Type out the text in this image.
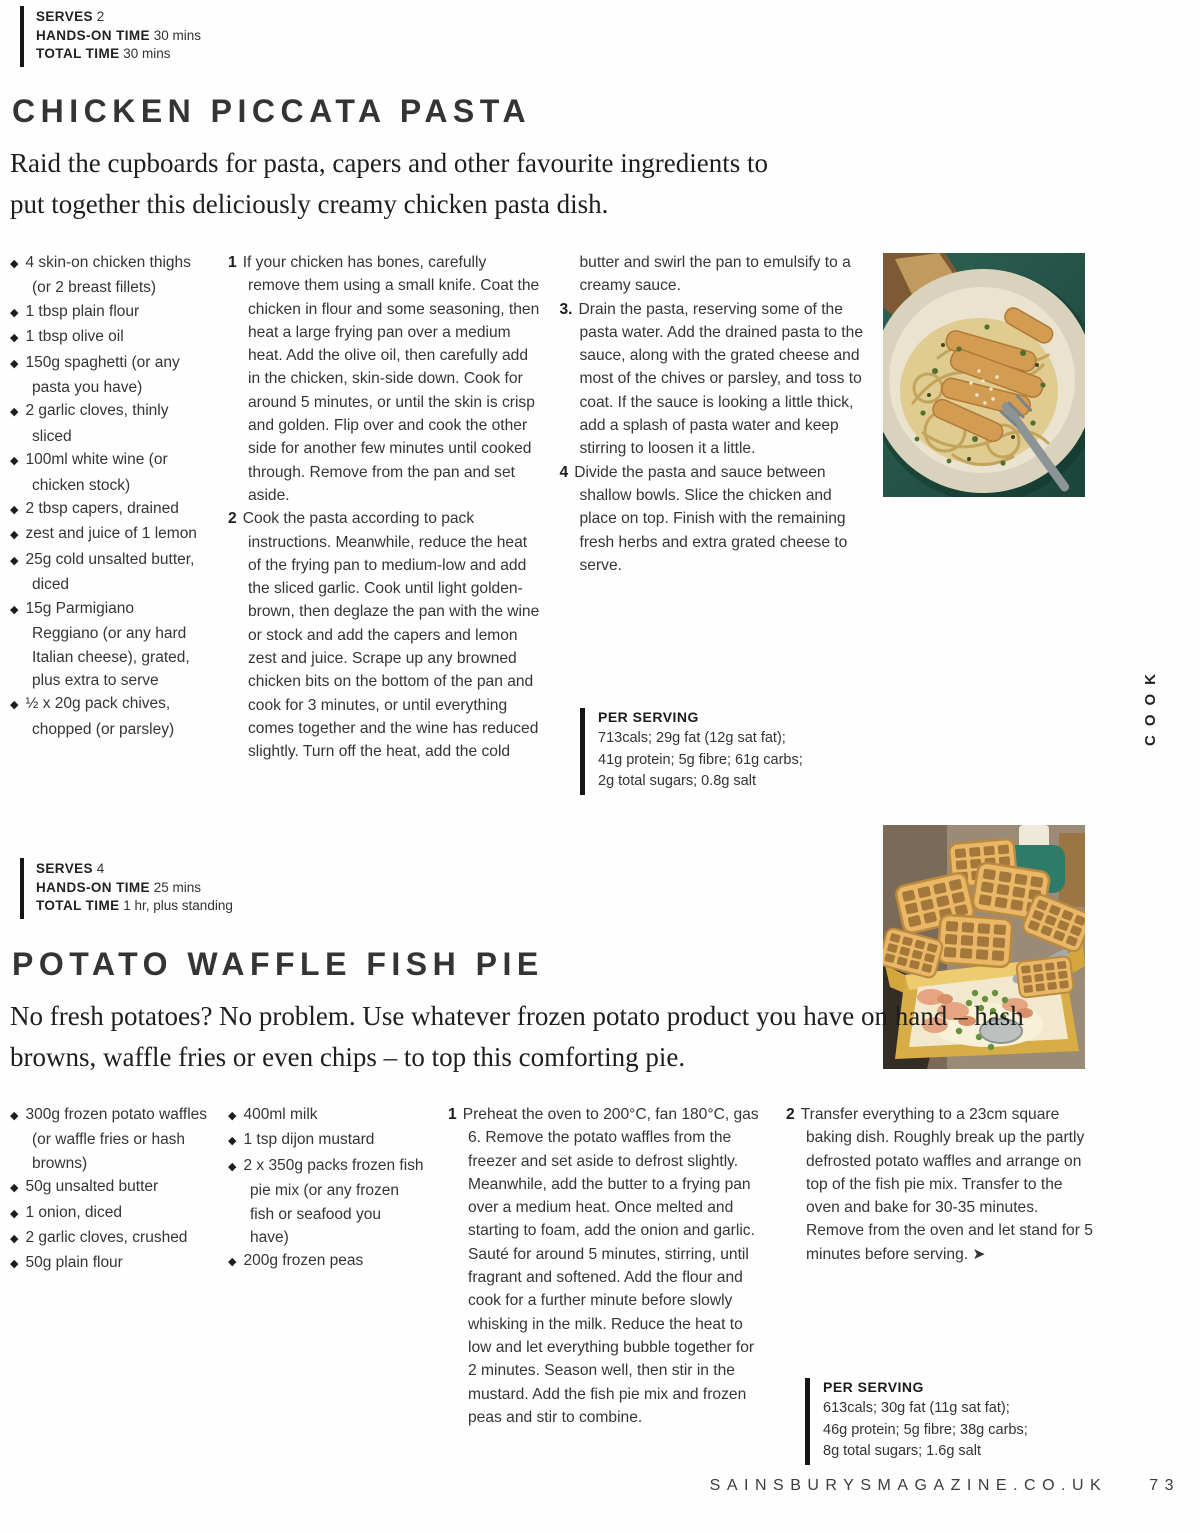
SERVES 2
HANDS-ON TIME 30 mins
TOTAL TIME 30 mins
CHICKEN PICCATA PASTA
Raid the cupboards for pasta, capers and other favourite ingredients to put together this deliciously creamy chicken pasta dish.
◆ 4 skin-on chicken thighs (or 2 breast fillets)
◆ 1 tbsp plain flour
◆ 1 tbsp olive oil
◆ 150g spaghetti (or any pasta you have)
◆ 2 garlic cloves, thinly sliced
◆ 100ml white wine (or chicken stock)
◆ 2 tbsp capers, drained
◆ zest and juice of 1 lemon
◆ 25g cold unsalted butter, diced
◆ 15g Parmigiano Reggiano (or any hard Italian cheese), grated, plus extra to serve
◆ ½ x 20g pack chives, chopped (or parsley)
1 If your chicken has bones, carefully remove them using a small knife. Coat the chicken in flour and some seasoning, then heat a large frying pan over a medium heat. Add the olive oil, then carefully add in the chicken, skin-side down. Cook for around 5 minutes, or until the skin is crisp and golden. Flip over and cook the other side for another few minutes until cooked through. Remove from the pan and set aside.
2 Cook the pasta according to pack instructions. Meanwhile, reduce the heat of the frying pan to medium-low and add the sliced garlic. Cook until light golden-brown, then deglaze the pan with the wine or stock and add the capers and lemon zest and juice. Scrape up any browned chicken bits on the bottom of the pan and cook for 3 minutes, or until everything comes together and the wine has reduced slightly. Turn off the heat, add the cold butter and swirl the pan to emulsify to a creamy sauce.
3. Drain the pasta, reserving some of the pasta water. Add the drained pasta to the sauce, along with the grated cheese and most of the chives or parsley, and toss to coat. If the sauce is looking a little thick, add a splash of pasta water and keep stirring to loosen it a little.
4 Divide the pasta and sauce between shallow bowls. Slice the chicken and place on top. Finish with the remaining fresh herbs and extra grated cheese to serve.
PER SERVING
713cals; 29g fat (12g sat fat);
41g protein; 5g fibre; 61g carbs;
2g total sugars; 0.8g salt
COOK
SERVES 4
HANDS-ON TIME 25 mins
TOTAL TIME 1 hr, plus standing
POTATO WAFFLE FISH PIE
No fresh potatoes? No problem. Use whatever frozen potato product you have on hand – hash browns, waffle fries or even chips – to top this comforting pie.
◆ 300g frozen potato waffles (or waffle fries or hash browns)
◆ 50g unsalted butter
◆ 1 onion, diced
◆ 2 garlic cloves, crushed
◆ 50g plain flour
◆ 400ml milk
◆ 1 tsp dijon mustard
◆ 2 x 350g packs frozen fish pie mix (or any frozen fish or seafood you have)
◆ 200g frozen peas
1 Preheat the oven to 200°C, fan 180°C, gas 6. Remove the potato waffles from the freezer and set aside to defrost slightly. Meanwhile, add the butter to a frying pan over a medium heat. Once melted and starting to foam, add the onion and garlic. Sauté for around 5 minutes, stirring, until fragrant and softened. Add the flour and cook for a further minute before slowly whisking in the milk. Reduce the heat to low and let everything bubble together for 2 minutes. Season well, then stir in the mustard. Add the fish pie mix and frozen peas and stir to combine.
2 Transfer everything to a 23cm square baking dish. Roughly break up the partly defrosted potato waffles and arrange on top of the fish pie mix. Transfer to the oven and bake for 30-35 minutes. Remove from the oven and let stand for 5 minutes before serving. ➤
PER SERVING
613cals; 30g fat (11g sat fat);
46g protein; 5g fibre; 38g carbs;
8g total sugars; 1.6g salt
SAINSBURYSMAGAZINE.CO.UK	73
